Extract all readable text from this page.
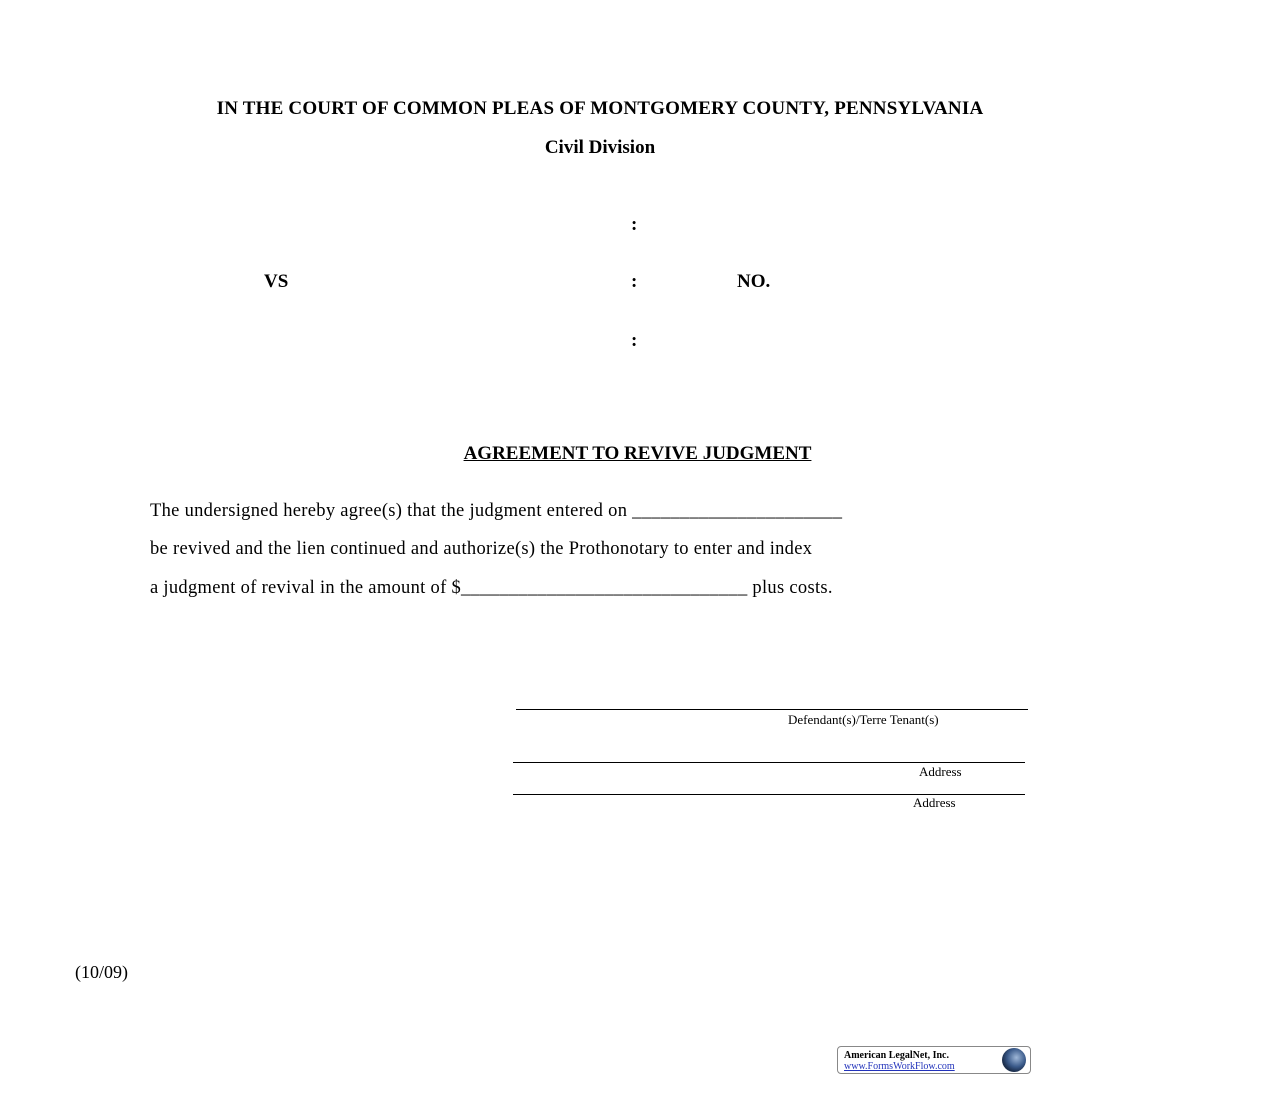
IN THE COURT OF COMMON PLEAS OF MONTGOMERY COUNTY, PENNSYLVANIA
Civil Division
:
VS	:	NO.
:
AGREEMENT TO REVIVE JUDGMENT
The undersigned hereby agree(s) that the judgment entered on ______________________
be revived and the lien continued and authorize(s) the Prothonotary to enter and index
a judgment of revival in the amount of $______________________________ plus costs.
Defendant(s)/Terre Tenant(s)
Address
Address
(10/09)
American LegalNet, Inc.
www.FormsWorkFlow.com
